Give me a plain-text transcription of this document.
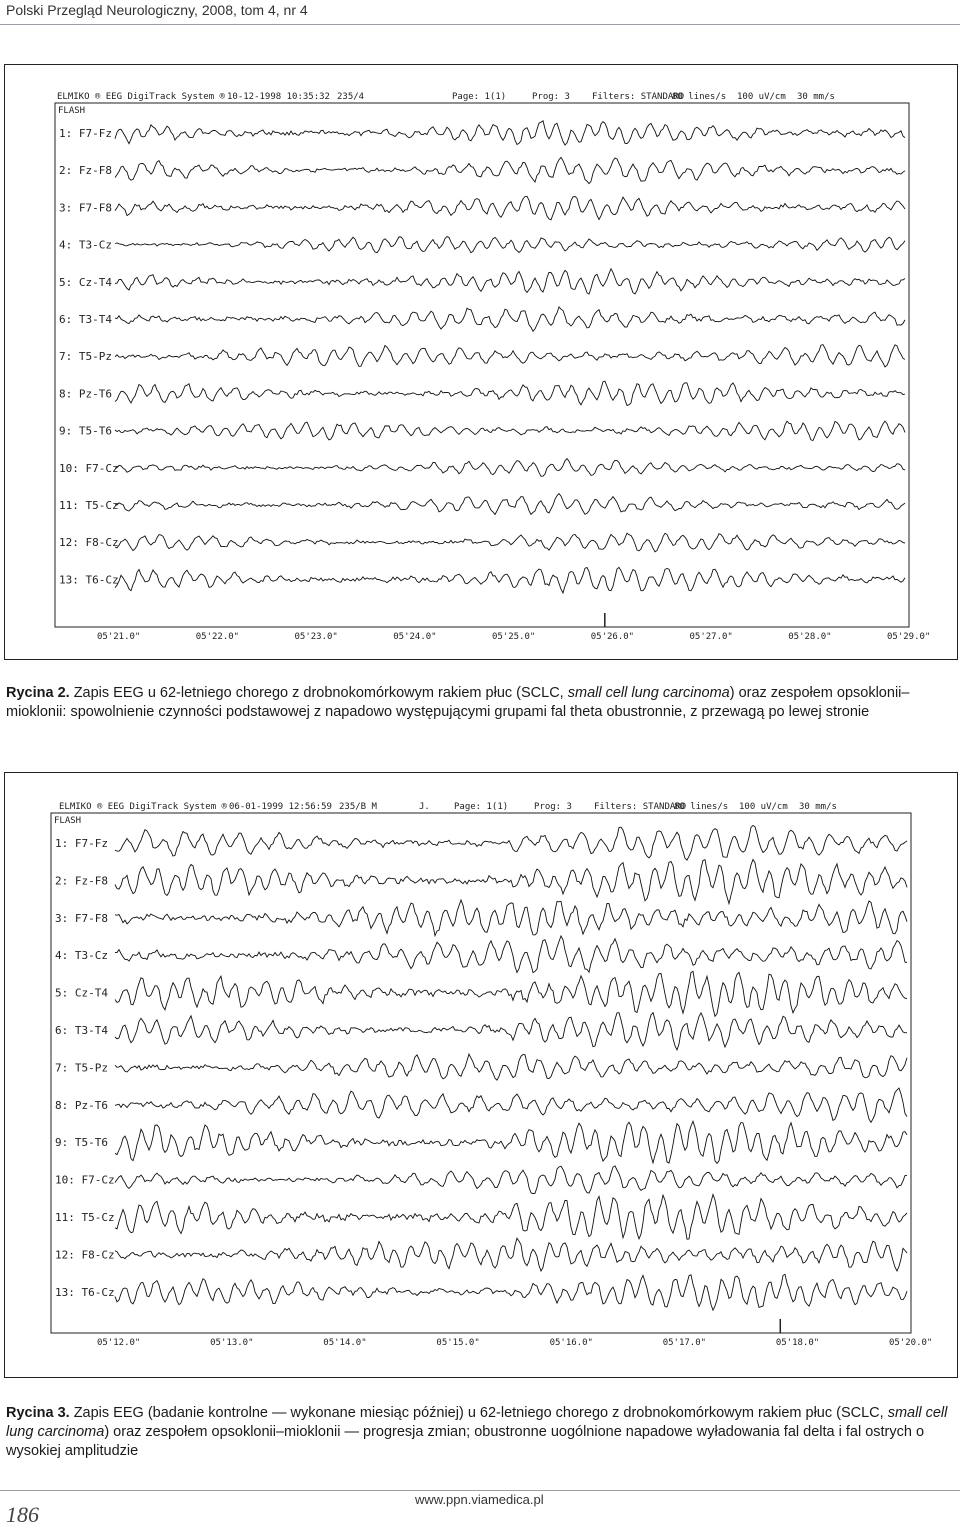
Polski Przegląd Neurologiczny, 2008, tom 4, nr 4
ELMIKO ® EEG DigiTrack System ® 10-12-1998 10:35:32 235/4	Page: 1(1)	Prog: 3 Filters: STANDARD
80 lines/s 100 uV/cm 30 mm/s
FLASH
1: F7-Fz
2: Fz-F8
3: F7-F8
4: T3-Cz
5: Cz-T4
6: T3-T4
7: T5-Pz
8: Pz-T6
9: T5-T6
10: F7-Cz
11: T5-Cz
12: F8-Cz
13: T6-Cz
05'21.0"	05'22.0"	05'23.0"	05'24.0"	05'25.0"	05'26.0"	05'27.0"	05'28.0"	05'29.0"
Rycina 2. Zapis EEG u 62-letniego chorego z drobnokomórkowym rakiem płuc (SCLC, small cell lung carcinoma) oraz zespołem opsoklonii–mioklonii: spowolnienie czynności podstawowej z napadowo występującymi grupami fal theta obustronnie, z przewagą po lewej stronie
ELMIKO ® EEG DigiTrack System ® 06-01-1999 12:56:59 235/B M	J.	Page: 1(1)	Prog: 3 Filters: STANDARD
80 lines/s 100 uV/cm 30 mm/s
FLASH
1: F7-Fz
2: Fz-F8
3: F7-F8
4: T3-Cz
5: Cz-T4
6: T3-T4
7: T5-Pz
8: Pz-T6
9: T5-T6
10: F7-Cz
11: T5-Cz
12: F8-Cz
13: T6-Cz
05'12.0"	05'13.0"	05'14.0"	05'15.0"	05'16.0"	05'17.0"	05'18.0"	05'20.0"
Rycina 3. Zapis EEG (badanie kontrolne — wykonane miesiąc później) u 62-letniego chorego z drobnokomórkowym rakiem płuc (SCLC, small cell lung carcinoma) oraz zespołem opsoklonii–mioklonii — progresja zmian; obustronne uogólnione napadowe wyładowania fal delta i fal ostrych o wysokiej amplitudzie
186
www.ppn.viamedica.pl
